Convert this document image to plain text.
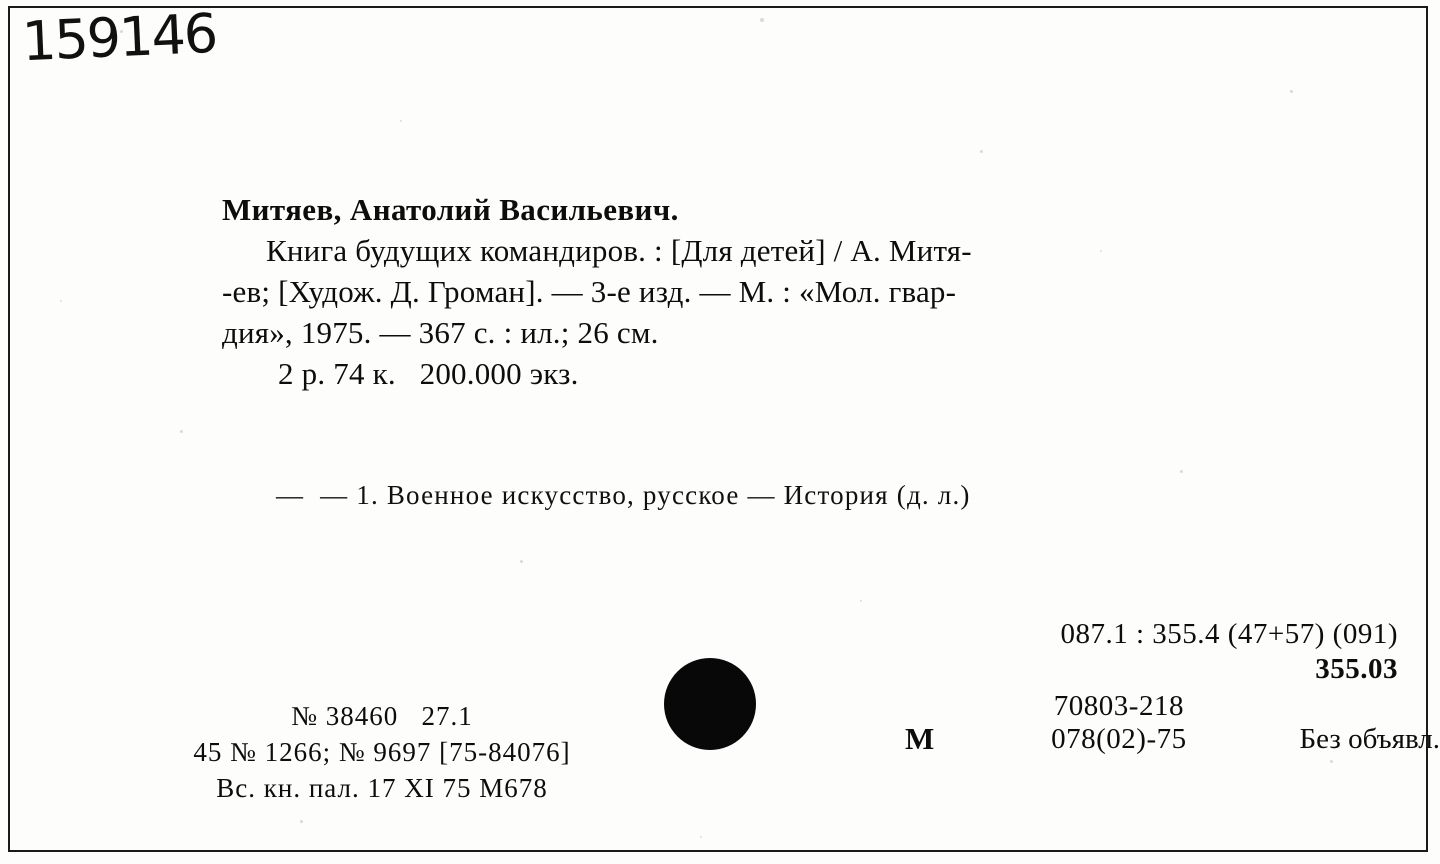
159146
Митяев, Анатолий Васильевич.
Книга будущих командиров. : [Для детей] / А. Митя-
-ев; [Худож. Д. Громан]. — 3-е изд. — М. : «Мол. гвар-
дия», 1975. — 367 с. : ил.; 26 см.
2 р. 74 к.   200.000 экз.
—  — 1. Военное искусство, русское — История (д. л.)
087.1 : 355.4 (47+57) (091)
355.03
М
70803-218 078(02)-75	Без объявл.
№ 38460   27.1
45 № 1266; № 9697 [75-84076]
Вс. кн. пал. 17 XI 75 М678
